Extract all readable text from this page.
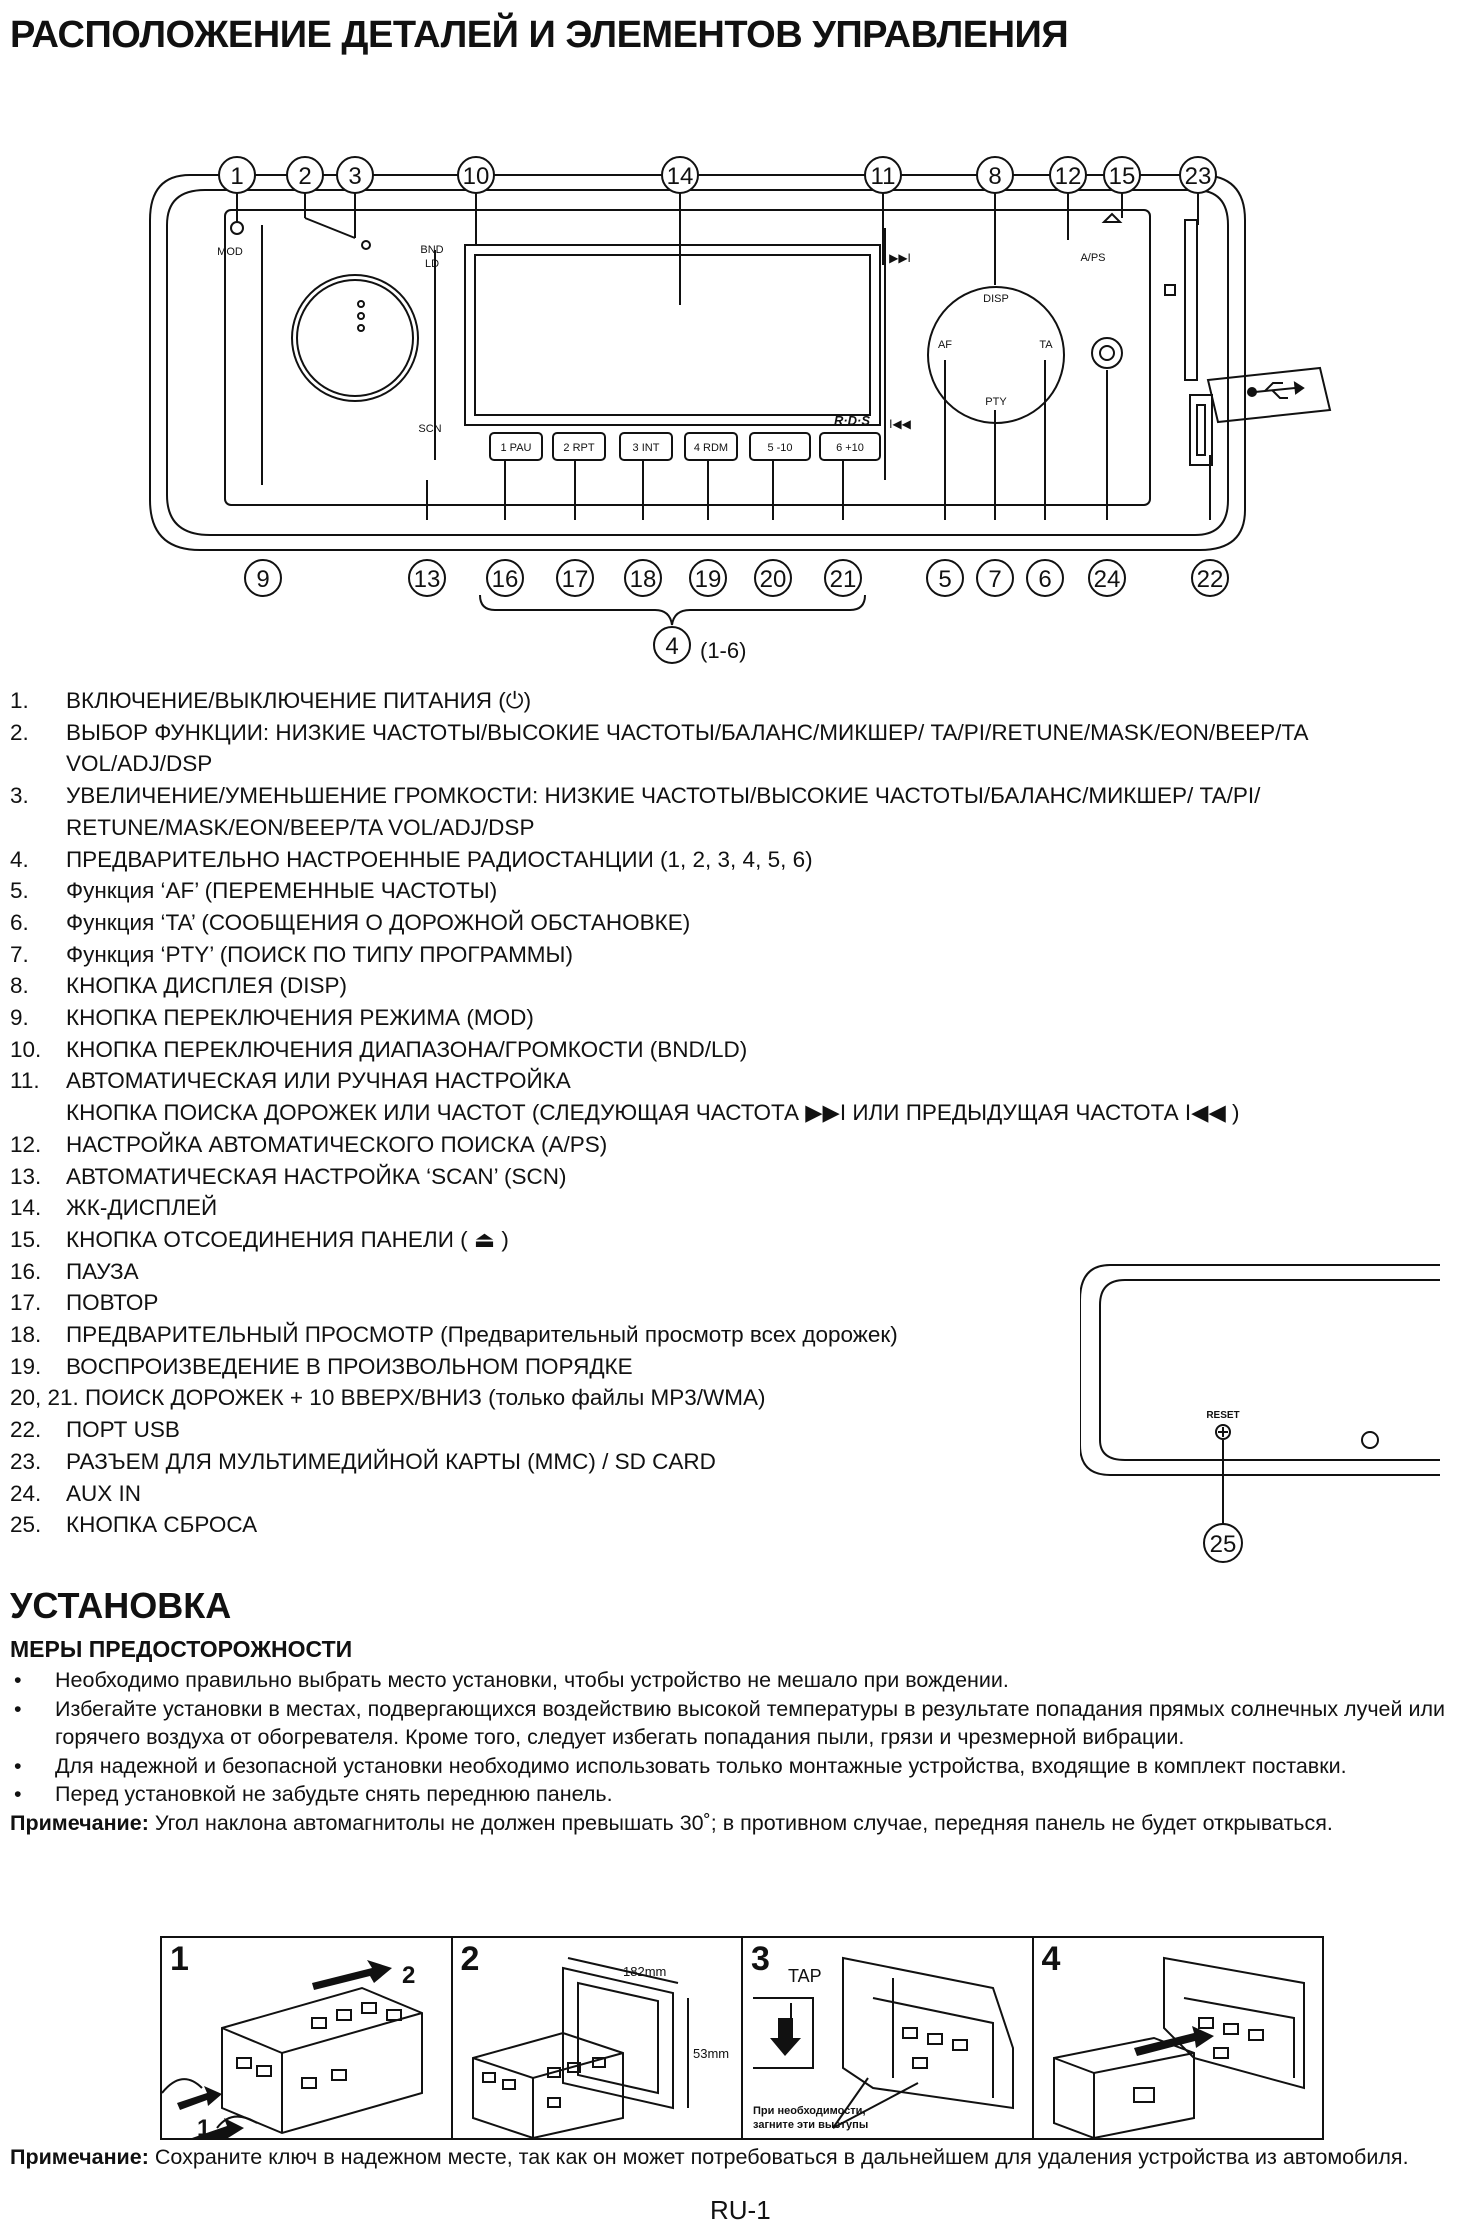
РАСПОЛОЖЕНИЕ ДЕТАЛЕЙ И ЭЛЕМЕНТОВ УПРАВЛЕНИЯ
1 2 3	10	14	11	8 12 15 23
9	13 16 17 18 19 20 21	5 7 6 24	22
4 (1-6)
MOD	BND
LD
SCN
DISP
A/PS
AF	TA
PTY
R·D·S
▶▶I
I◀◀
1 PAU	2 RPT	3 INT	4 RDM	5 -10	6 +10
1. ВКЛЮЧЕНИЕ/ВЫКЛЮЧЕНИЕ ПИТАНИЯ (⏻)
2. ВЫБОР ФУНКЦИИ: НИЗКИЕ ЧАСТОТЫ/ВЫСОКИЕ ЧАСТОТЫ/БАЛАНС/МИКШЕР/ TA/PI/RETUNE/MASK/EON/BEEP/TA
VOL/ADJ/DSP
3. УВЕЛИЧЕНИЕ/УМЕНЬШЕНИЕ ГРОМКОСТИ: НИЗКИЕ ЧАСТОТЫ/ВЫСОКИЕ ЧАСТОТЫ/БАЛАНС/МИКШЕР/ TA/PI/
RETUNE/MASK/EON/BEEP/TA VOL/ADJ/DSP
4. ПРЕДВАРИТЕЛЬНО НАСТРОЕННЫЕ РАДИОСТАНЦИИ (1, 2, 3, 4, 5, 6)
5. Функция ‘AF’ (ПЕРЕМЕННЫЕ ЧАСТОТЫ)
6. Функция ‘TA’ (СООБЩЕНИЯ О ДОРОЖНОЙ ОБСТАНОВКЕ)
7. Функция ‘PTY’ (ПОИСК ПО ТИПУ ПРОГРАММЫ)
8. КНОПКА ДИСПЛЕЯ (DISP)
9. КНОПКА ПЕРЕКЛЮЧЕНИЯ РЕЖИМА (MOD)
10. КНОПКА ПЕРЕКЛЮЧЕНИЯ ДИАПАЗОНА/ГРОМКОСТИ (BND/LD)
11. АВТОМАТИЧЕСКАЯ ИЛИ РУЧНАЯ НАСТРОЙКА
КНОПКА ПОИСКА ДОРОЖЕК ИЛИ ЧАСТОТ (СЛЕДУЮЩАЯ ЧАСТОТА ▶▶I ИЛИ ПРЕДЫДУЩАЯ ЧАСТОТА I◀◀ )
12. НАСТРОЙКА АВТОМАТИЧЕСКОГО ПОИСКА (A/PS)
13. АВТОМАТИЧЕСКАЯ НАСТРОЙКА ‘SCAN’ (SCN)
14. ЖК-ДИСПЛЕЙ
15. КНОПКА ОТСОЕДИНЕНИЯ ПАНЕЛИ ( ⏏ )
16. ПАУЗА
17. ПОВТОР
18. ПРЕДВАРИТЕЛЬНЫЙ ПРОСМОТР (Предварительный просмотр всех дорожек)
19. ВОСПРОИЗВЕДЕНИЕ В ПРОИЗВОЛЬНОМ ПОРЯДКЕ
20, 21. ПОИСК ДОРОЖЕК + 10 ВВЕРХ/ВНИЗ (только файлы MP3/WMA)
22. ПОРТ USB
23. РАЗЪЕМ ДЛЯ МУЛЬТИМЕДИЙНОЙ КАРТЫ (MMC) / SD CARD
24. AUX IN
25. КНОПКА СБРОСА
RESET
25
УСТАНОВКА
МЕРЫ ПРЕДОСТОРОЖНОСТИ
• Необходимо правильно выбрать место установки, чтобы устройство не мешало при вождении.
• Избегайте установки в местах, подвергающихся воздействию высокой температуры в результате попадания прямых солнечных лучей или горячего воздуха от обогревателя. Кроме того, следует избегать попадания пыли, грязи и чрезмерной вибрации.
• Для надежной и безопасной установки необходимо использовать только монтажные устройства, входящие в комплект поставки.
• Перед установкой не забудьте снять переднюю панель.
Примечание: Угол наклона автомагнитолы не должен превышать 30˚; в противном случае, передняя панель не будет открываться.
1	2
1
2	182mm
53mm
3 TAP
При необходимости,
загните эти выступы
4
Примечание: Сохраните ключ в надежном месте, так как он может потребоваться в дальнейшем для удаления устройства из автомобиля.
RU-1
